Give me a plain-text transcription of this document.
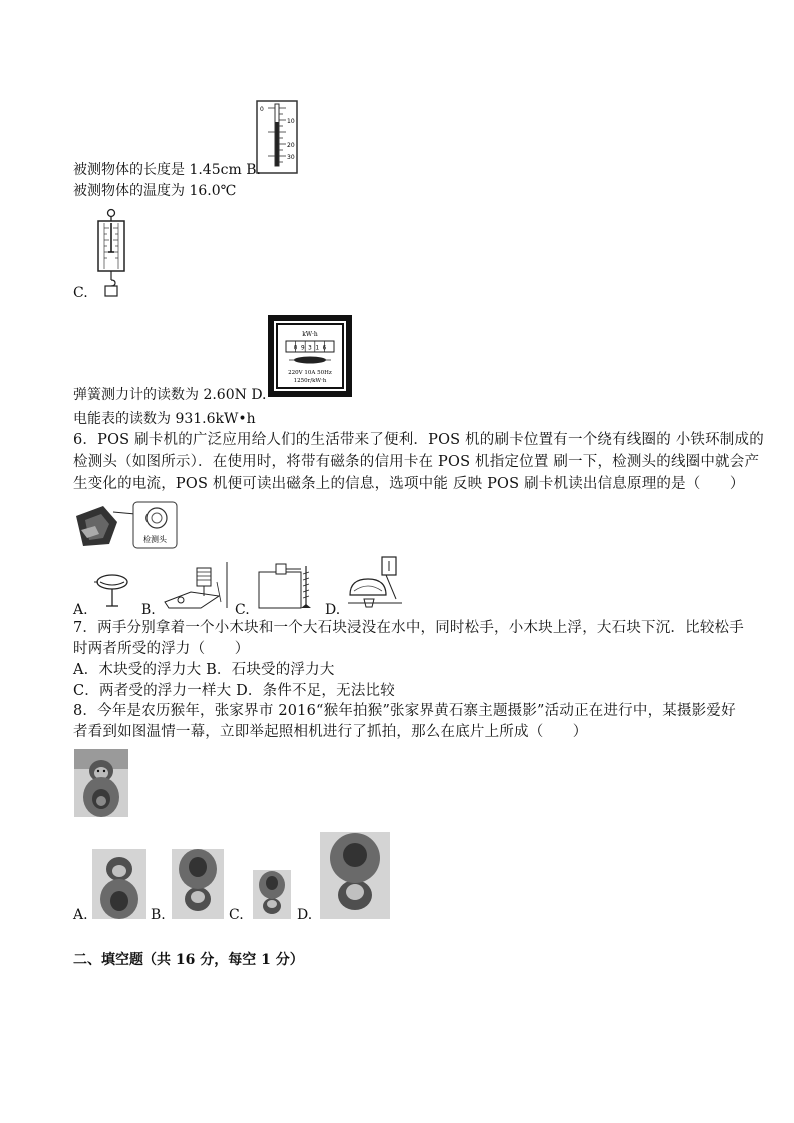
0
10
20
30
被测物体的长度是 1.45cm B.
被测物体的温度为 16.0℃
C.
kW·h
0 9 3 1 6
220V 10A 50Hz
1250r/kW·h
弹簧测力计的读数为 2.60N D.
电能表的读数为 931.6kW•h
6．POS 刷卡机的广泛应用给人们的生活带来了便利．POS 机的刷卡位置有一个绕有线圈的 小铁环制成的
检测头（如图所示）．在使用时，将带有磁条的信用卡在 POS 机指定位置 刷一下，检测头的线圈中就会产
生变化的电流，POS 机便可读出磁条上的信息，选项中能 反映 POS 刷卡机读出信息原理的是（　　）
检测头
A.	B.	C.	D.
7．两手分别拿着一个小木块和一个大石块浸没在水中，同时松手，小木块上浮，大石块下沉．比较松手
时两者所受的浮力（　　）
A．木块受的浮力大 B．石块受的浮力大
C．两者受的浮力一样大 D．条件不足，无法比较
8．今年是农历猴年，张家界市 2016“猴年拍猴”张家界黄石寨主题摄影”活动正在进行中，某摄影爱好
者看到如图温情一幕，立即举起照相机进行了抓拍，那么在底片上所成（　　）
A.	B.	C.	D.
二、填空题（共 16 分，每空 1 分）
